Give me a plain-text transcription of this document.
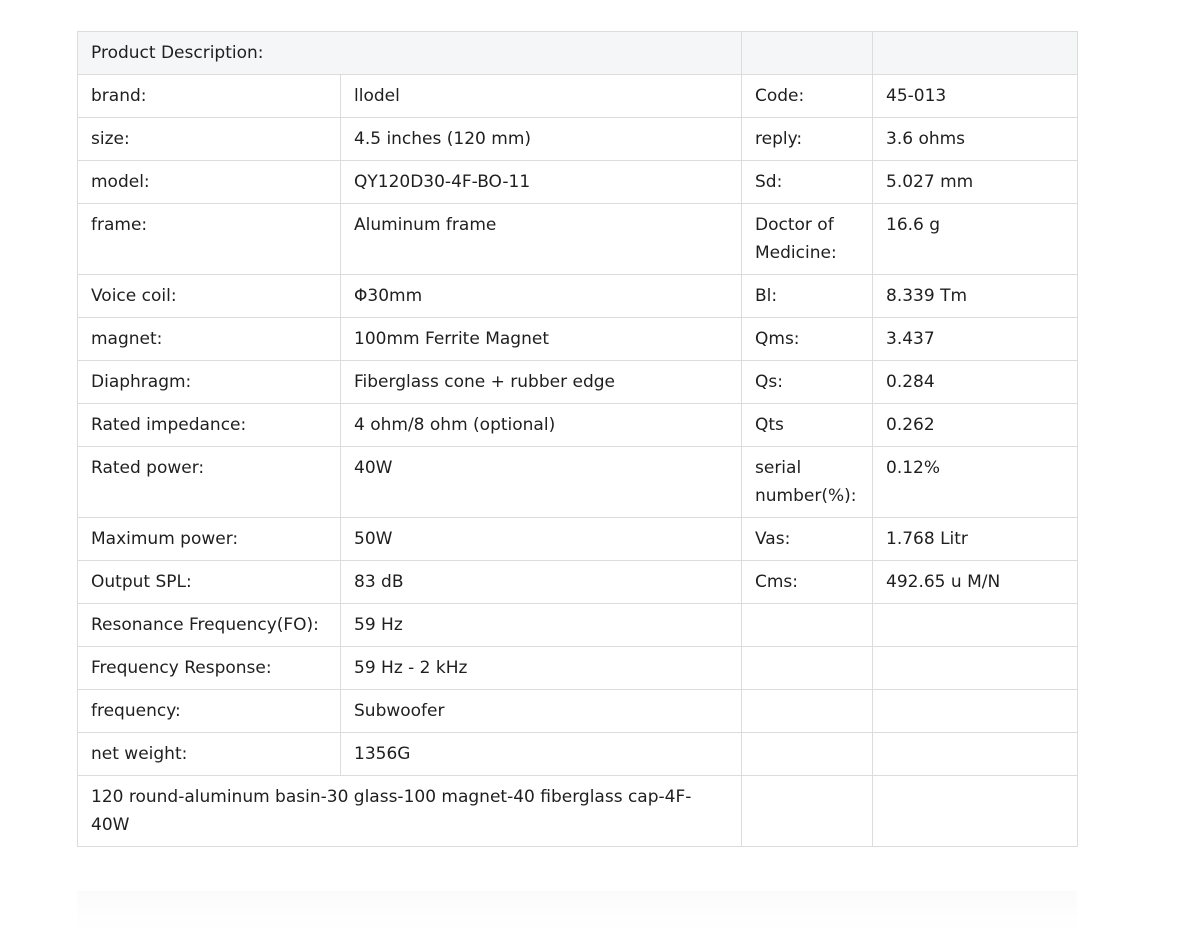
Product Description:			
brand:	llodel	Code:	45-013
size:	4.5 inches (120 mm)	reply:	3.6 ohms
model:	QY120D30-4F-BO-11	Sd:	5.027 mm
frame:	Aluminum frame	Doctor of Medicine:	16.6 g
Voice coil:	Φ30mm	Bl:	8.339 Tm
magnet:	100mm Ferrite Magnet	Qms:	3.437
Diaphragm:	Fiberglass cone + rubber edge	Qs:	0.284
Rated impedance:	4 ohm/8 ohm (optional)	Qts	0.262
Rated power:	40W	serial number(%):	0.12%
Maximum power:	50W	Vas:	1.768 Litr
Output SPL:	83 dB	Cms:	492.65 u M/N
Resonance Frequency(FO):	59 Hz		
Frequency Response:	59 Hz - 2 kHz		
frequency:	Subwoofer		
net weight:	1356G		
120 round-aluminum basin-30 glass-100 magnet-40 fiberglass cap-4F-40W			
